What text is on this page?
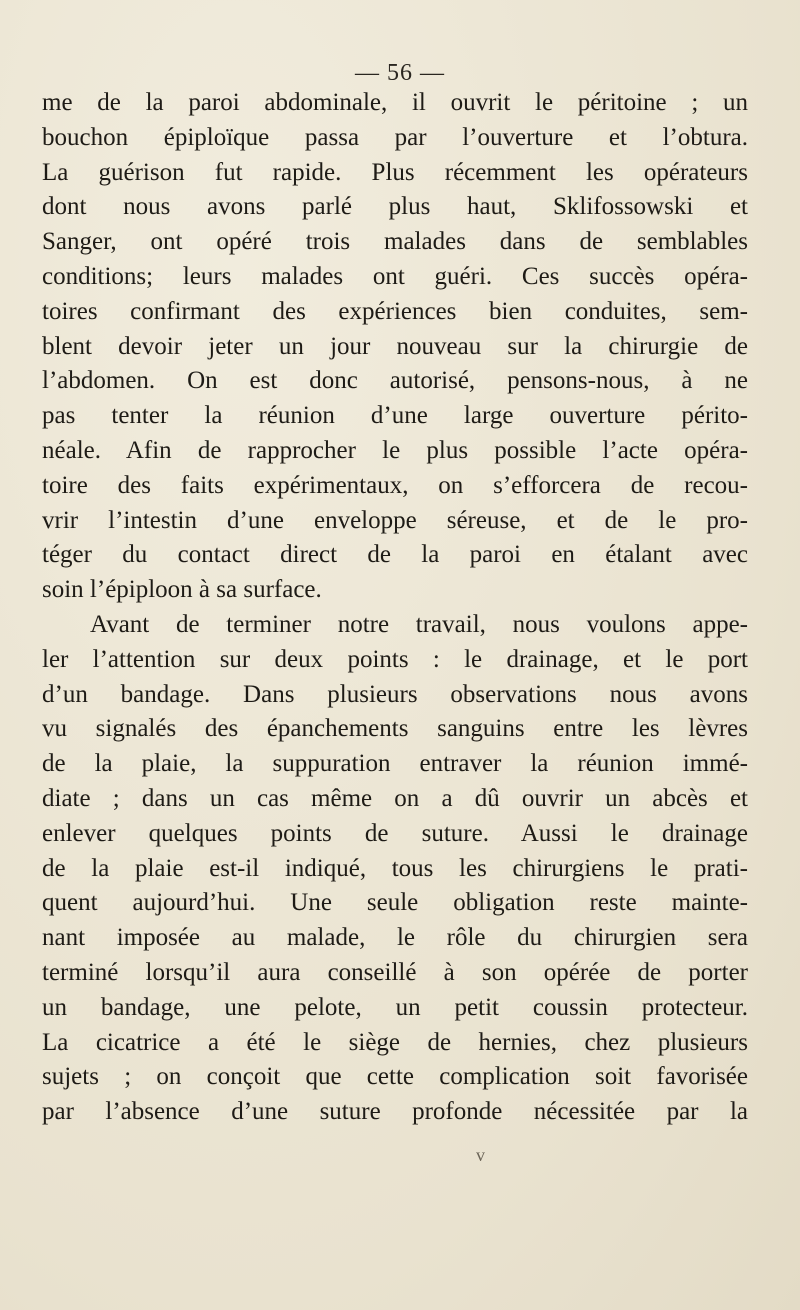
— 56 —
me de la paroi abdominale, il ouvrit le péritoine ; un
bouchon épiploïque passa par l’ouverture et l’obtura.
La guérison fut rapide. Plus récemment les opérateurs
dont nous avons parlé plus haut, Sklifossowski et
Sanger, ont opéré trois malades dans de semblables
conditions; leurs malades ont guéri. Ces succès opéra-
toires confirmant des expériences bien conduites, sem-
blent devoir jeter un jour nouveau sur la chirurgie de
l’abdomen. On est donc autorisé, pensons-nous, à ne
pas tenter la réunion d’une large ouverture périto-
néale. Afin de rapprocher le plus possible l’acte opéra-
toire des faits expérimentaux, on s’efforcera de recou-
vrir l’intestin d’une enveloppe séreuse, et de le pro-
téger du contact direct de la paroi en étalant avec
soin l’épiploon à sa surface.
Avant de terminer notre travail, nous voulons appe-
ler l’attention sur deux points : le drainage, et le port
d’un bandage. Dans plusieurs observations nous avons
vu signalés des épanchements sanguins entre les lèvres
de la plaie, la suppuration entraver la réunion immé-
diate ; dans un cas même on a dû ouvrir un abcès et
enlever quelques points de suture. Aussi le drainage
de la plaie est-il indiqué, tous les chirurgiens le prati-
quent aujourd’hui. Une seule obligation reste mainte-
nant imposée au malade, le rôle du chirurgien sera
terminé lorsqu’il aura conseillé à son opérée de porter
un bandage, une pelote, un petit coussin protecteur.
La cicatrice a été le siège de hernies, chez plusieurs
sujets ; on conçoit que cette complication soit favorisée
par l’absence d’une suture profonde nécessitée par la
v
